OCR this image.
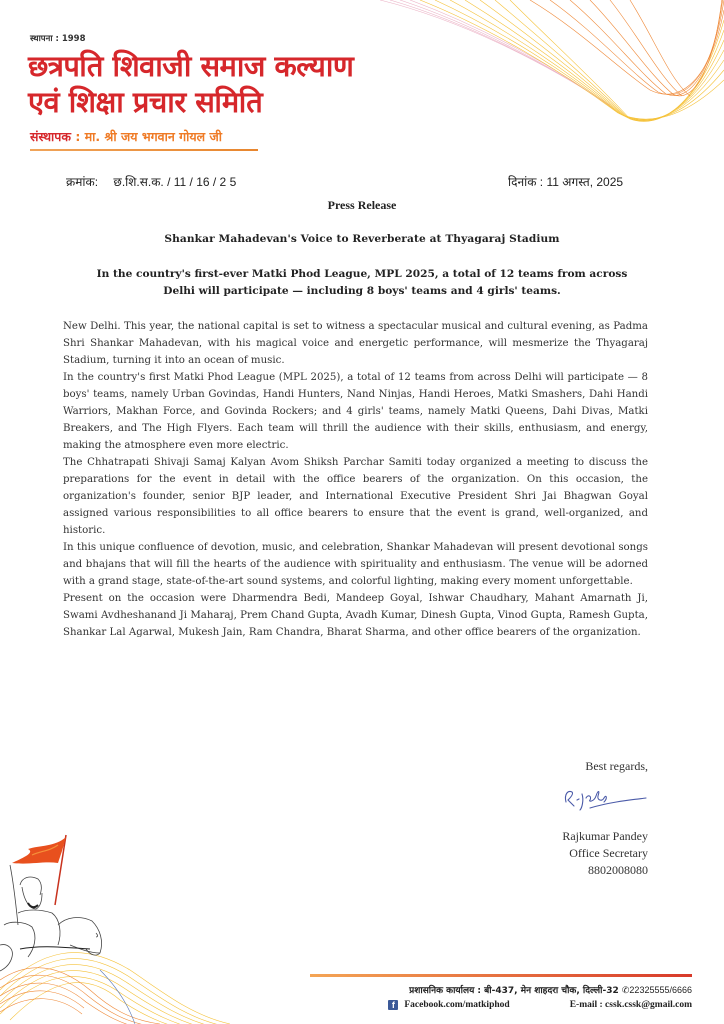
स्थापना : 1998
छत्रपति शिवाजी समाज कल्याण
एवं शिक्षा प्रचार समिति
संस्थापक : मा. श्री जय भगवान गोयल जी
क्रमांक: छ.शि.स.क. / 11 / 16 / 2 5	दिनांक : 11 अगस्त, 2025
Press Release
Shankar Mahadevan's Voice to Reverberate at Thyagaraj Stadium
In the country's first-ever Matki Phod League, MPL 2025, a total of 12 teams from across
Delhi will participate — including 8 boys' teams and 4 girls' teams.

New Delhi. This year, the national capital is set to witness a spectacular musical and cultural evening, as Padma Shri Shankar Mahadevan, with his magical voice and energetic performance, will mesmerize the Thyagaraj Stadium, turning it into an ocean of music.

In the country's first Matki Phod League (MPL 2025), a total of 12 teams from across Delhi will participate — 8 boys' teams, namely Urban Govindas, Handi Hunters, Nand Ninjas, Handi Heroes, Matki Smashers, Dahi Handi Warriors, Makhan Force, and Govinda Rockers; and 4 girls' teams, namely Matki Queens, Dahi Divas, Matki Breakers, and The High Flyers. Each team will thrill the audience with their skills, enthusiasm, and energy, making the atmosphere even more electric.

The Chhatrapati Shivaji Samaj Kalyan Avom Shiksh Parchar Samiti today organized a meeting to discuss the preparations for the event in detail with the office bearers of the organization. On this occasion, the organization's founder, senior BJP leader, and International Executive President Shri Jai Bhagwan Goyal assigned various responsibilities to all office bearers to ensure that the event is grand, well-organized, and historic.

In this unique confluence of devotion, music, and celebration, Shankar Mahadevan will present devotional songs and bhajans that will fill the hearts of the audience with spirituality and enthusiasm. The venue will be adorned with a grand stage, state-of-the-art sound systems, and colorful lighting, making every moment unforgettable.

Present on the occasion were Dharmendra Bedi, Mandeep Goyal, Ishwar Chaudhary, Mahant Amarnath Ji, Swami Avdheshanand Ji Maharaj, Prem Chand Gupta, Avadh Kumar, Dinesh Gupta, Vinod Gupta, Ramesh Gupta, Shankar Lal Agarwal, Mukesh Jain, Ram Chandra, Bharat Sharma, and other office bearers of the organization.

Best regards,
Rajkumar Pandey
Office Secretary
8802008080
प्रशासनिक कार्यालय : बी-437, मेन शाहदरा चौक, दिल्ली-32 ✆22325555/6666
f	Facebook.com/matkiphod	E-mail : cssk.cssk@gmail.com
